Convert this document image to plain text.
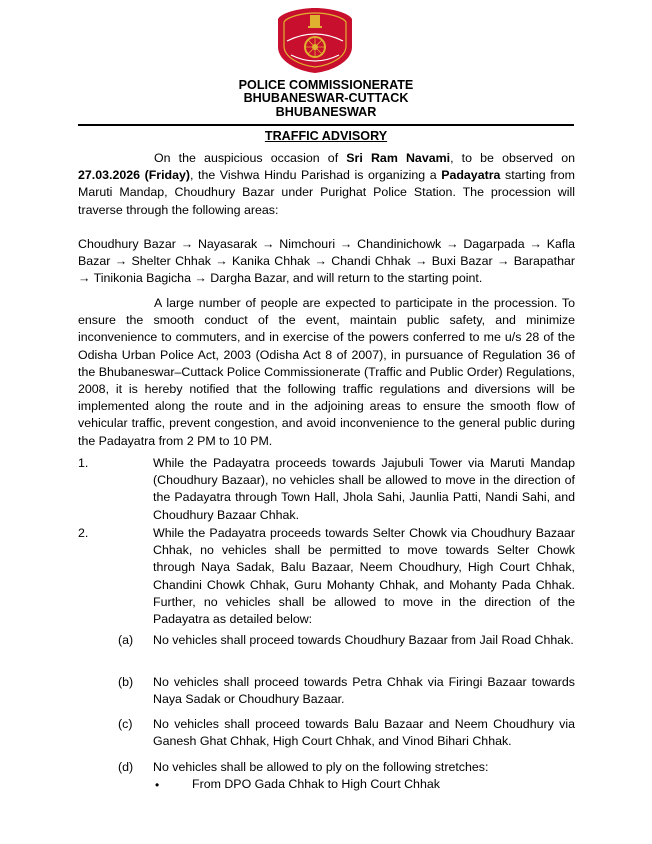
POLICE COMMISSIONERATE
BHUBANESWAR-CUTTACK
BHUBANESWAR
TRAFFIC ADVISORY
On the auspicious occasion of Sri Ram Navami, to be observed on 27.03.2026 (Friday), the Vishwa Hindu Parishad is organizing a Padayatra starting from Maruti Mandap, Choudhury Bazar under Purighat Police Station. The procession will traverse through the following areas:
Choudhury Bazar → Nayasarak → Nimchouri → Chandinichowk → Dagarpada → Kafla Bazar → Shelter Chhak → Kanika Chhak → Chandi Chhak → Buxi Bazar → Barapathar → Tinikonia Bagicha → Dargha Bazar, and will return to the starting point.
A large number of people are expected to participate in the procession. To ensure the smooth conduct of the event, maintain public safety, and minimize inconvenience to commuters, and in exercise of the powers conferred to me u/s 28 of the Odisha Urban Police Act, 2003 (Odisha Act 8 of 2007), in pursuance of Regulation 36 of the Bhubaneswar–Cuttack Police Commissionerate (Traffic and Public Order) Regulations, 2008, it is hereby notified that the following traffic regulations and diversions will be implemented along the route and in the adjoining areas to ensure the smooth flow of vehicular traffic, prevent congestion, and avoid inconvenience to the general public during the Padayatra from 2 PM to 10 PM.
1.	While the Padayatra proceeds towards Jajubuli Tower via Maruti Mandap (Choudhury Bazaar), no vehicles shall be allowed to move in the direction of the Padayatra through Town Hall, Jhola Sahi, Jaunlia Patti, Nandi Sahi, and Choudhury Bazaar Chhak.
2.	While the Padayatra proceeds towards Selter Chowk via Choudhury Bazaar Chhak, no vehicles shall be permitted to move towards Selter Chowk through Naya Sadak, Balu Bazaar, Neem Choudhury, High Court Chhak, Chandini Chowk Chhak, Guru Mohanty Chhak, and Mohanty Pada Chhak. Further, no vehicles shall be allowed to move in the direction of the Padayatra as detailed below:
(a) No vehicles shall proceed towards Choudhury Bazaar from Jail Road Chhak.
(b) No vehicles shall proceed towards Petra Chhak via Firingi Bazaar towards Naya Sadak or Choudhury Bazaar.
(c) No vehicles shall proceed towards Balu Bazaar and Neem Choudhury via Ganesh Ghat Chhak, High Court Chhak, and Vinod Bihari Chhak.
(d) No vehicles shall be allowed to ply on the following stretches:
•	From DPO Gada Chhak to High Court Chhak
